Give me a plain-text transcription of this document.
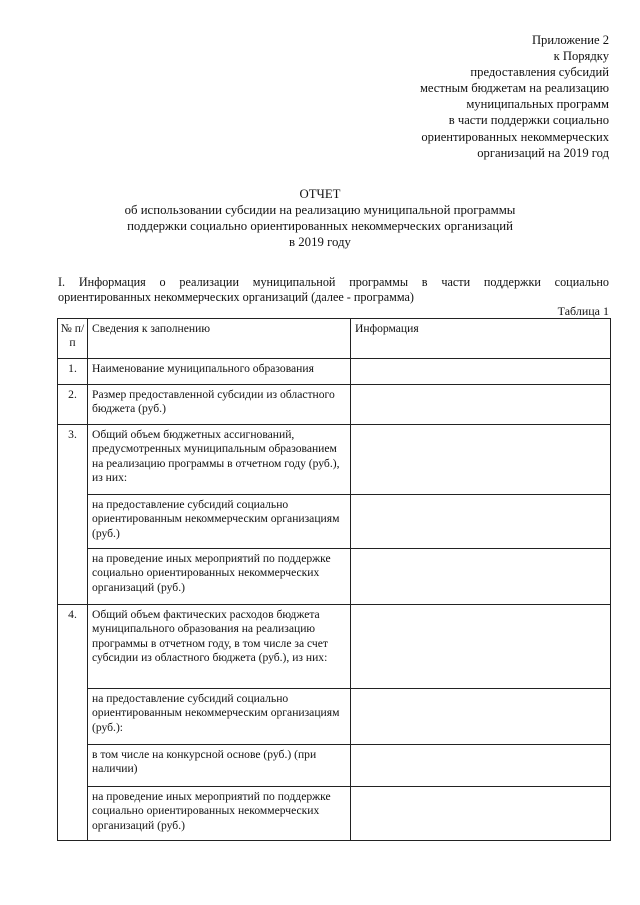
Приложение 2
к Порядку
предоставления субсидий
местным бюджетам на реализацию
муниципальных программ
в части поддержки социально
ориентированных некоммерческих
организаций на 2019 год
ОТЧЕТ
об использовании субсидии на реализацию муниципальной программы
поддержки социально ориентированных некоммерческих организаций
в 2019 году
I. Информация о реализации муниципальной программы в части поддержки социально
ориентированных некоммерческих организаций (далее - программа)
Таблица 1
№ п/п	Сведения к заполнению	Информация
1.	Наименование муниципального образования	
2.	Размер предоставленной субсидии из областного бюджета (руб.)	
3.	Общий объем бюджетных ассигнований, предусмотренных муниципальным образованием на реализацию программы в отчетном году (руб.), из них:	
	на предоставление субсидий социально ориентированным некоммерческим организациям (руб.)	
	на проведение иных мероприятий по поддержке социально ориентированных некоммерческих организаций (руб.)	
4.	Общий объем фактических расходов бюджета муниципального образования на реализацию программы в отчетном году, в том числе за счет субсидии из областного бюджета (руб.), из них:	
	на предоставление субсидий социально ориентированным некоммерческим организациям (руб.):	
	в том числе на конкурсной основе (руб.) (при наличии)	
	на проведение иных мероприятий по поддержке социально ориентированных некоммерческих организаций (руб.)	
